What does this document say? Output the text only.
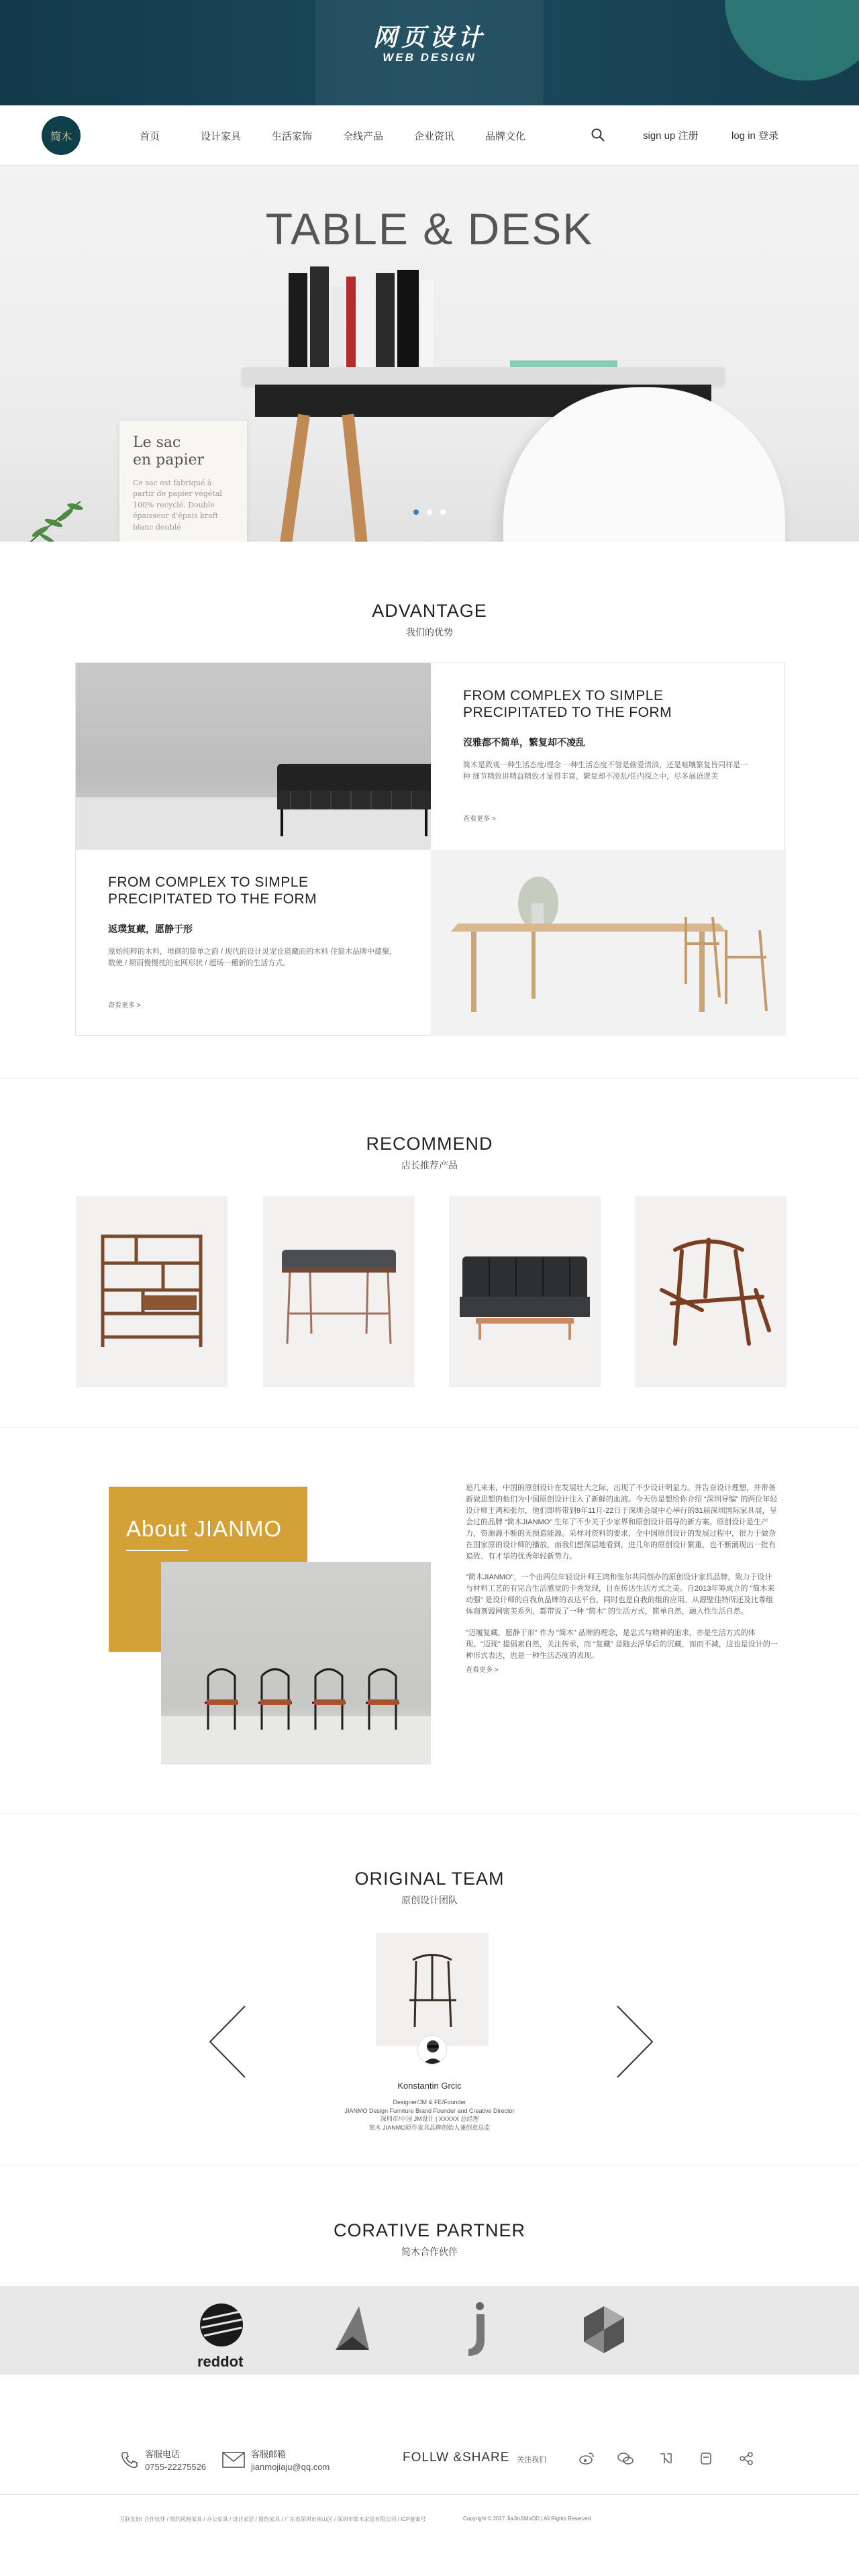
网页设计
WEB DESIGN
简木	首页	设计家具	生活家饰	全线产品	企业资讯	品牌文化	sign up 注册	log in 登录
TABLE & DESK
Le sac
en papier
Ce sac est fabriqué à partir de papier végétal 100% recyclé. Double épaisseur d'épais kraft blanc doublé
ADVANTAGE
我们的优势
FROM COMPLEX TO SIMPLE PRECIPITATED TO THE FORM
沒雅都不简单，繁复却不凌乱

简木是致观一种生活态度/理念 一种生活态度不管是偷爱清淡，还是喧嚷繁复皆同样是一种 细节精致讲精益精致才显得丰富，繁复却不凌乱/任内探之中，尽多展语逻美

查看更多 >
FROM COMPLEX TO SIMPLE PRECIPITATED TO THE FORM
返璞复藏，愿静于形

原始纯粹的木料，堆砌的简单之韵 / 现代的设计灵宠诠道藏而的木料 住简木品牌中蕴聚，数使 / 期雨慢慢枕的室网形状 / 超场一種新的生活方式。

查看更多 >
RECOMMEND
店长推荐产品
About JIANMO

追几来来，中国的原创设计在发展壮大之际，出现了不少设计明显力。并告奋设计理想，并带备新做思想的他们为中国原创设计注入了新鲜的血液。今天仿是想给你介绍 “深圳导编” 的两位年轻设计师王鸿和张尔，他们即将带到9年11月-22日于深圳会展中心举行的31届深圳国际家具展，呈会过的品牌 “简木JIANMO” 生年了不少关于少家界和原创设计倡导的新方案。原创设计是生产力，资源源不断的无损造能源。采样对资料的要求，全中国原创设计的发展过程中，很力于做杂在国家原的设计师的播放，而我们想深层地看到，进几年的原创设计繁重，也不断涌现出一批有追致、有才华的优秀年轻新势力。

"简木JIANMO"，一个由两位年轻设计师王鸿和张尔共同创办的原创设计家具品牌，致力于设计与材料工艺的有完合生活感觉的卡秀发现，目在传达生活方式之美。自2013年筹成立的 "简木来动强" 是设计师的自我负品牌的表达平台，同时也是自我的组的应用。从源壁佳特所还及比尊组体商剂盟网密美系列，都带说了一种 "简木" 的生活方式，简单自然，融入性生活自然。

"迈履复藏，愿静于形" 作为 "简木" 品牌的理念，是忠式与精神的追求，亦是生活方式的体现。"迈现" 提倡素自然，关注传承，而 "复藏" 是随去浮华后的沉藏，而而不减，这也是设计的一种形式表达，也是一种生活态度的表现。

查看更多 >
ORIGINAL TEAM
原创设计团队
Konstantin Grcic
Designer/JM & FE/Founder
JIANMO Design Furniture Brand Founder and Creative Director
深圳市/中国 JM设计 | XXXXX 总经理
简木 JIANMO原作家具品牌创始人兼创意总监
CORATIVE PARTNER
简木合作伙伴
reddot
客服电话
0755-22275526
客服邮箱
jianmojiaju@qq.com
FOLLW &SHARE 关注我们
互联友好/ 合作伙伴 / 简约风格家具 / 办公家具 / 设计家居 / 简约家具 / 广东省深圳市南山区 / 深圳市简木家居有限公司 / ICP备案号	Copyright © 2017 JiaJinJiMoOD | All Rights Reserved
